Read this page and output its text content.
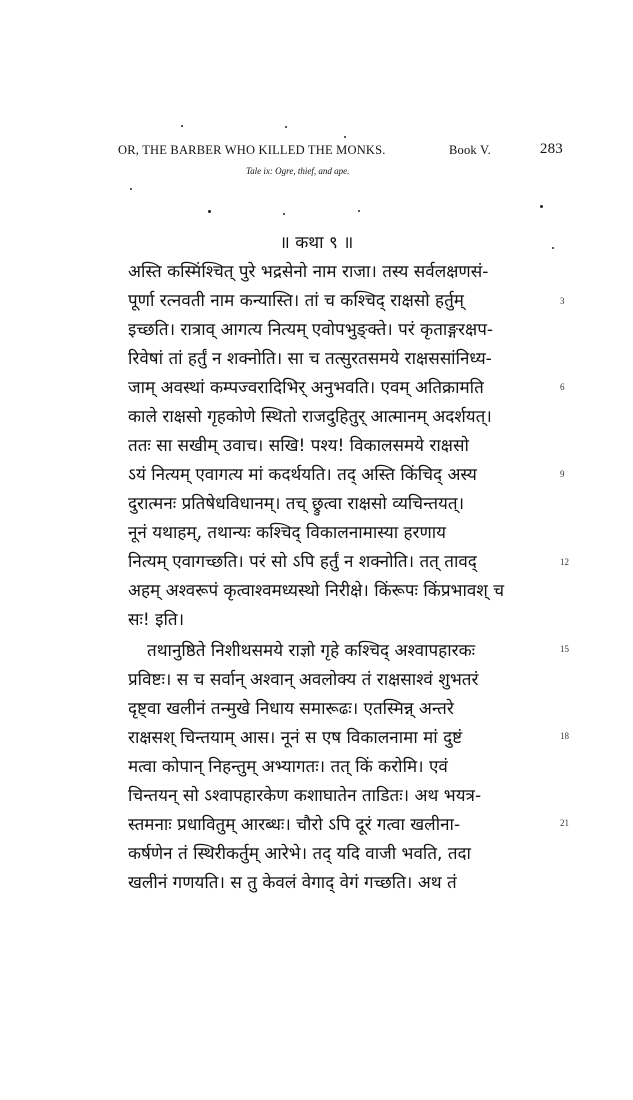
OR, THE BARBER WHO KILLED THE MONKS.	Book V.	283
Tale ix: Ogre, thief, and ape.
॥ कथा ९ ॥
अस्ति कस्मिंश्चित् पुरे भद्रसेनो नाम राजा। तस्य सर्वलक्षणसं-
पूर्णा रत्नवती नाम कन्यास्ति। तां च कश्चिद् राक्षसो हर्तुम्
इच्छति। रात्राव् आगत्य नित्यम् एवोपभुङ्क्ते। परं कृताङ्गरक्षप-
रिवेषां तां हर्तुं न शक्नोति। सा च तत्सुरतसमये राक्षससांनिध्य-
जाम् अवस्थां कम्पज्वरादिभिर् अनुभवति। एवम् अतिक्रामति
काले राक्षसो गृहकोणे स्थितो राजदुहितुर् आत्मानम् अदर्शयत्।
ततः सा सखीम् उवाच। सखि! पश्य! विकालसमये राक्षसो
ऽयं नित्यम् एवागत्य मां कदर्थयति। तद् अस्ति किंचिद् अस्य
दुरात्मनः प्रतिषेधविधानम्। तच् छ्रुत्वा राक्षसो व्यचिन्तयत्।
नूनं यथाहम्, तथान्यः कश्चिद् विकालनामास्या हरणाय
नित्यम् एवागच्छति। परं सो ऽपि हर्तुं न शक्नोति। तत् तावद्
अहम् अश्वरूपं कृत्वाश्वमध्यस्थो निरीक्षे। किंरूपः किंप्रभावश् च
सः! इति।
तथानुष्ठिते निशीथसमये राज्ञो गृहे कश्चिद् अश्वापहारकः
प्रविष्टः। स च सर्वान् अश्वान् अवलोक्य तं राक्षसाश्वं शुभतरं
दृष्ट्वा खलीनं तन्मुखे निधाय समारूढः। एतस्मिन्न् अन्तरे
राक्षसश् चिन्तयाम् आस। नूनं स एष विकालनामा मां दुष्टं
मत्वा कोपान् निहन्तुम् अभ्यागतः। तत् किं करोमि। एवं
चिन्तयन् सो ऽश्वापहारकेण कशाघातेन ताडितः। अथ भयत्र-
स्तमनाः प्रधावितुम् आरब्धः। चौरो ऽपि दूरं गत्वा खलीना-
कर्षणेन तं स्थिरीकर्तुम् आरेभे। तद् यदि वाजी भवति, तदा
खलीनं गणयति। स तु केवलं वेगाद् वेगं गच्छति। अथ तं
3
6
9
12
15
18
21
